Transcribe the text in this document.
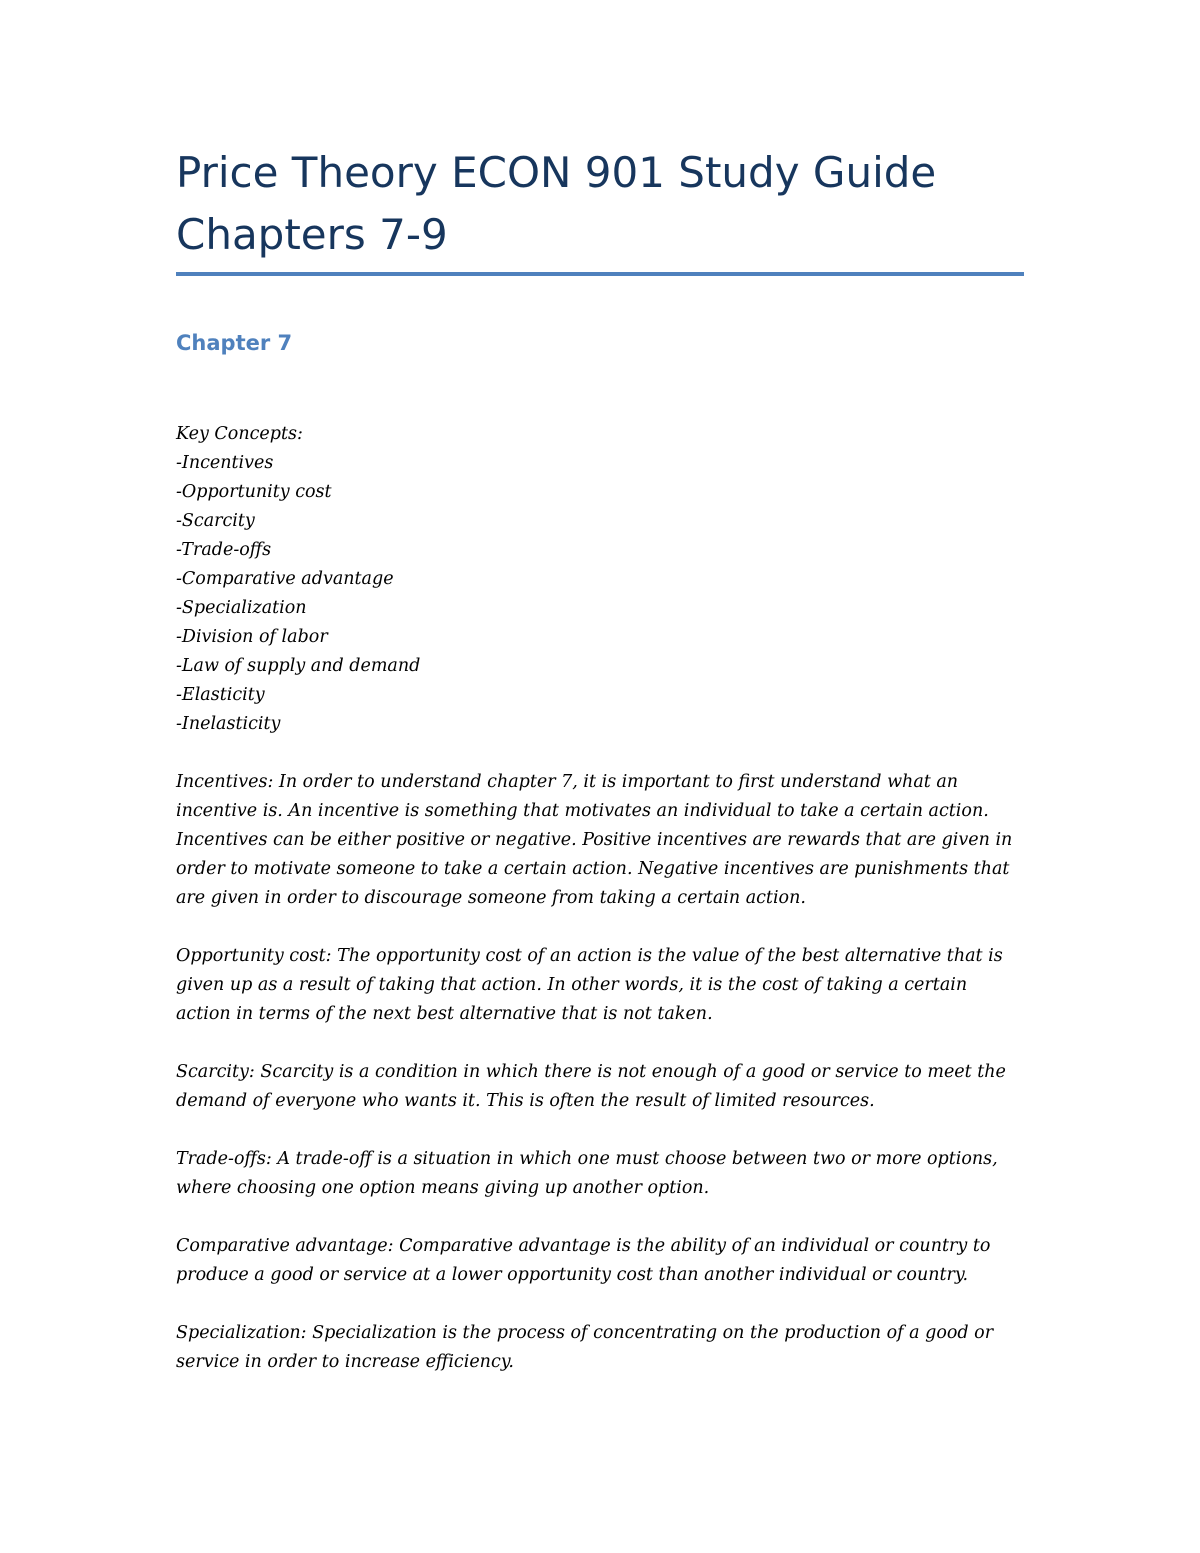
Price Theory ECON 901 Study Guide
Chapters 7-9
Chapter 7

Key Concepts:

-Incentives
-Opportunity cost
-Scarcity
-Trade-offs
-Comparative advantage
-Specialization
-Division of labor
-Law of supply and demand
-Elasticity
-Inelasticity

Incentives: In order to understand chapter 7, it is important to first understand what an incentive is. An incentive is something that motivates an individual to take a certain action. Incentives can be either positive or negative. Positive incentives are rewards that are given in order to motivate someone to take a certain action. Negative incentives are punishments that are given in order to discourage someone from taking a certain action.

Opportunity cost: The opportunity cost of an action is the value of the best alternative that is given up as a result of taking that action. In other words, it is the cost of taking a certain action in terms of the next best alternative that is not taken.

Scarcity: Scarcity is a condition in which there is not enough of a good or service to meet the demand of everyone who wants it. This is often the result of limited resources.

Trade-offs: A trade-off is a situation in which one must choose between two or more options, where choosing one option means giving up another option.

Comparative advantage: Comparative advantage is the ability of an individual or country to produce a good or service at a lower opportunity cost than another individual or country.

Specialization: Specialization is the process of concentrating on the production of a good or service in order to increase efficiency.
